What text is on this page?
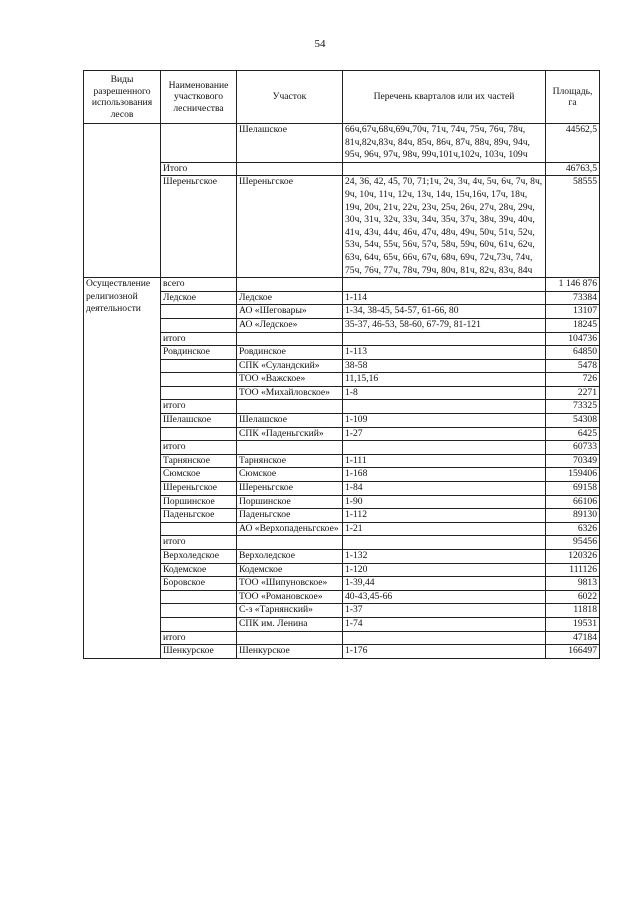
54
Виды разрешенного использования лесов	Наименование участкового лесничества	Участок	Перечень кварталов или их частей	Площадь, га
		Шелашское	66ч,67ч,68ч,69ч,70ч, 71ч, 74ч, 75ч, 76ч, 78ч, 81ч,82ч,83ч, 84ч, 85ч, 86ч, 87ч, 88ч, 89ч, 94ч, 95ч, 96ч, 97ч, 98ч, 99ч,101ч,102ч, 103ч, 109ч	44562,5
	Итого			46763,5
	Шереньгское	Шереньгское	24, 36, 42, 45, 70, 71;1ч, 2ч, 3ч, 4ч, 5ч, 6ч, 7ч, 8ч, 9ч, 10ч, 11ч, 12ч, 13ч, 14ч, 15ч,16ч, 17ч, 18ч, 19ч, 20ч, 21ч, 22ч, 23ч, 25ч, 26ч, 27ч, 28ч, 29ч, 30ч, 31ч, 32ч, 33ч, 34ч, 35ч, 37ч, 38ч, 39ч, 40ч, 41ч, 43ч, 44ч, 46ч, 47ч, 48ч, 49ч, 50ч, 51ч, 52ч, 53ч, 54ч, 55ч, 56ч, 57ч, 58ч, 59ч, 60ч, 61ч, 62ч, 63ч, 64ч, 65ч, 66ч, 67ч, 68ч, 69ч, 72ч,73ч, 74ч, 75ч, 76ч, 77ч, 78ч, 79ч, 80ч, 81ч, 82ч, 83ч, 84ч	58555
Осуществление религиозной деятельности	всего			1 146 876
	Ледское	Ледское	1-114	73384
		АО «Шеговары»	1-34, 38-45, 54-57, 61-66, 80	13107
		АО «Ледское»	35-37, 46-53, 58-60, 67-79, 81-121	18245
	итого			104736
	Ровдинское	Ровдинское	1-113	64850
		СПК «Суландский»	38-58	5478
		ТОО «Важское»	11,15,16	726
		ТОО «Михайловское»	1-8	2271
	итого			73325
	Шелашское	Шелашское	1-109	54308
		СПК «Паденьгский»	1-27	6425
	итого			60733
	Тарнянское	Тарнянское	1-111	70349
	Сюмское	Сюмское	1-168	159406
	Шереньгское	Шереньгское	1-84	69158
	Поршинское	Поршинское	1-90	66106
	Паденьгское	Паденьгское	1-112	89130
		АО «Верхопаденьгское»	1-21	6326
	итого			95456
	Верхоледское	Верхоледское	1-132	120326
	Кодемское	Кодемское	1-120	111126
	Боровское	ТОО «Шипуновское»	1-39,44	9813
		ТОО «Романовское»	40-43,45-66	6022
		С-з «Тарнянский»	1-37	11818
		СПК им. Ленина	1-74	19531
	итого			47184
	Шенкурское	Шенкурское	1-176	166497
